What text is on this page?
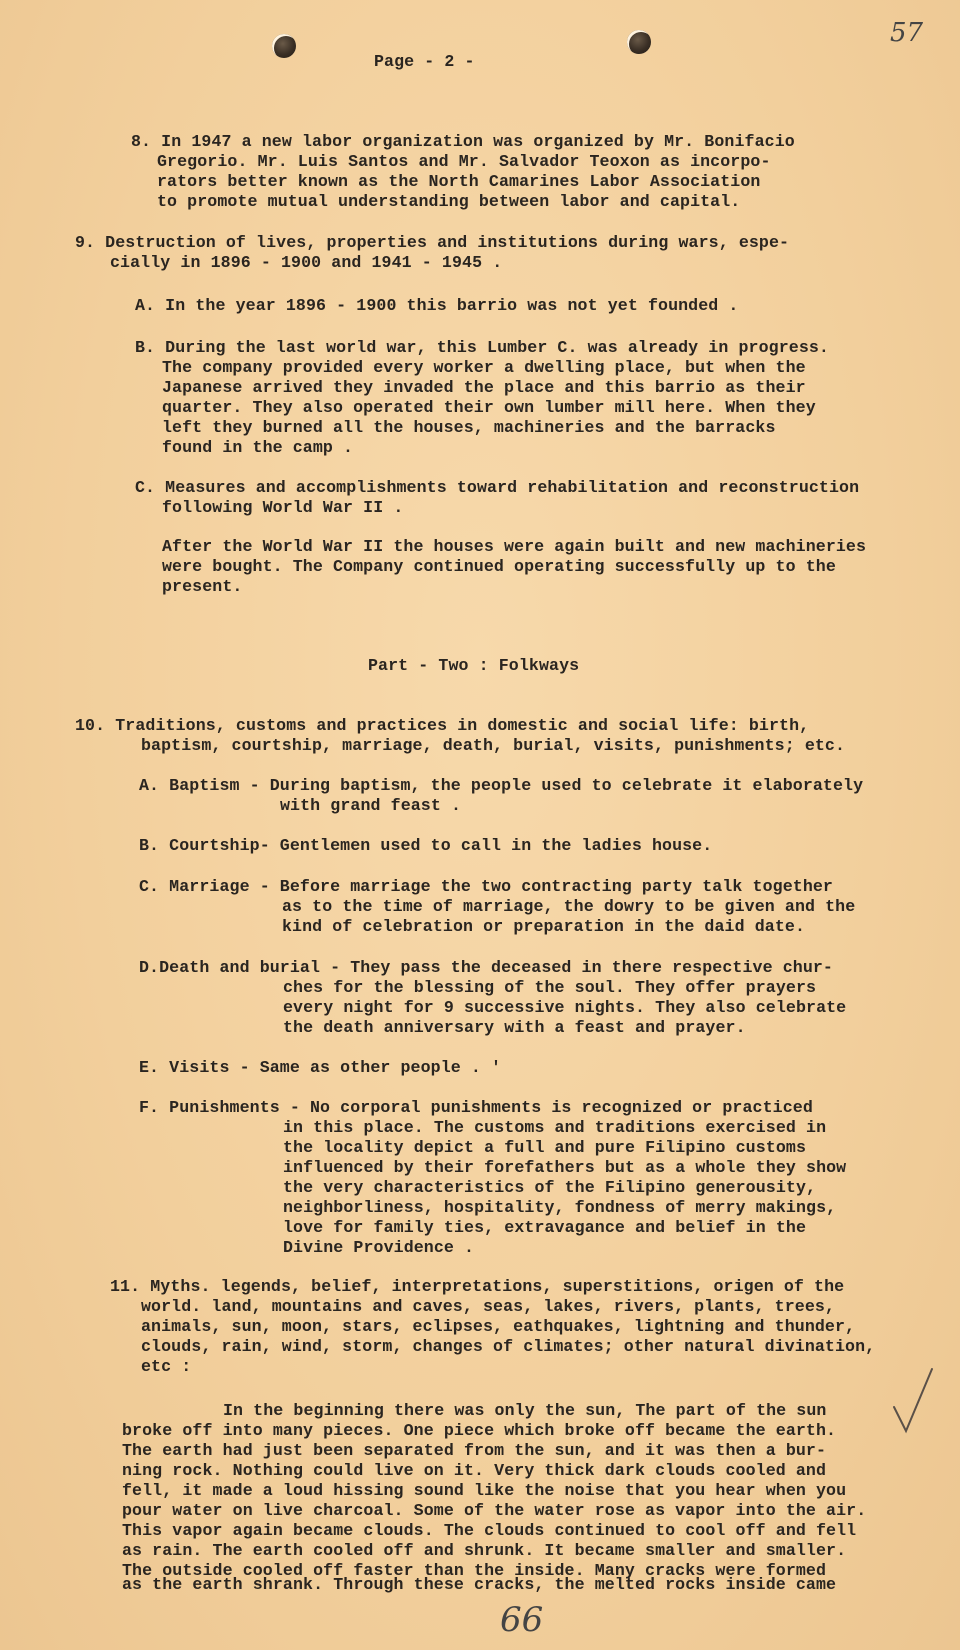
57
Page - 2 -
8. In 1947 a new labor organization was organized by Mr. Bonifacio
Gregorio. Mr. Luis Santos and Mr. Salvador Teoxon as incorpo-
rators better known as the North Camarines Labor Association
to promote mutual understanding between labor and capital.
9. Destruction of lives, properties and institutions during wars, espe-
cially in 1896 - 1900 and 1941 - 1945 .
A. In the year 1896 - 1900 this barrio was not yet founded .
B. During the last world war, this Lumber C. was already in progress.
The company provided every worker a dwelling place, but when the
Japanese arrived they invaded the place and this barrio as their
quarter. They also operated their own lumber mill here. When they
left they burned all the houses, machineries and the barracks
found in the camp .
C. Measures and accomplishments toward rehabilitation and reconstruction
following World War II .
After the World War II the houses were again built and new machineries
were bought. The Company continued operating successfully up to the
present.
Part - Two : Folkways
10. Traditions, customs and practices in domestic and social life: birth,
baptism, courtship, marriage, death, burial, visits, punishments; etc.
A. Baptism - During baptism, the people used to celebrate it elaborately
with grand feast .
B. Courtship- Gentlemen used to call in the ladies house.
C. Marriage - Before marriage the two contracting party talk together
as to the time of marriage, the dowry to be given and the
kind of celebration or preparation in the daid date.
D.Death and burial - They pass the deceased in there respective chur-
ches for the blessing of the soul. They offer prayers
every night for 9 successive nights. They also celebrate
the death anniversary with a feast and prayer.
E. Visits - Same as other people . '
F. Punishments - No corporal punishments is recognized or practiced
in this place. The customs and traditions exercised in
the locality depict a full and pure Filipino customs
influenced by their forefathers but as a whole they show
the very characteristics of the Filipino generousity,
neighborliness, hospitality, fondness of merry makings,
love for family ties, extravagance and belief in the
Divine Providence .
11. Myths. legends, belief, interpretations, superstitions, origen of the
world. land, mountains and caves, seas, lakes, rivers, plants, trees,
animals, sun, moon, stars, eclipses, eathquakes, lightning and thunder,
clouds, rain, wind, storm, changes of climates; other natural divination,
etc :
In the beginning there was only the sun, The part of the sun
broke off into many pieces. One piece which broke off became the earth.
The earth had just been separated from the sun, and it was then a bur-
ning rock. Nothing could live on it. Very thick dark clouds cooled and
fell, it made a loud hissing sound like the noise that you hear when you
pour water on live charcoal. Some of the water rose as vapor into the air.
This vapor again became clouds. The clouds continued to cool off and fell
as rain. The earth cooled off and shrunk. It became smaller and smaller.
The outside cooled off faster than the inside. Many cracks were formed
as the earth shrank. Through these cracks, the melted rocks inside came
66
